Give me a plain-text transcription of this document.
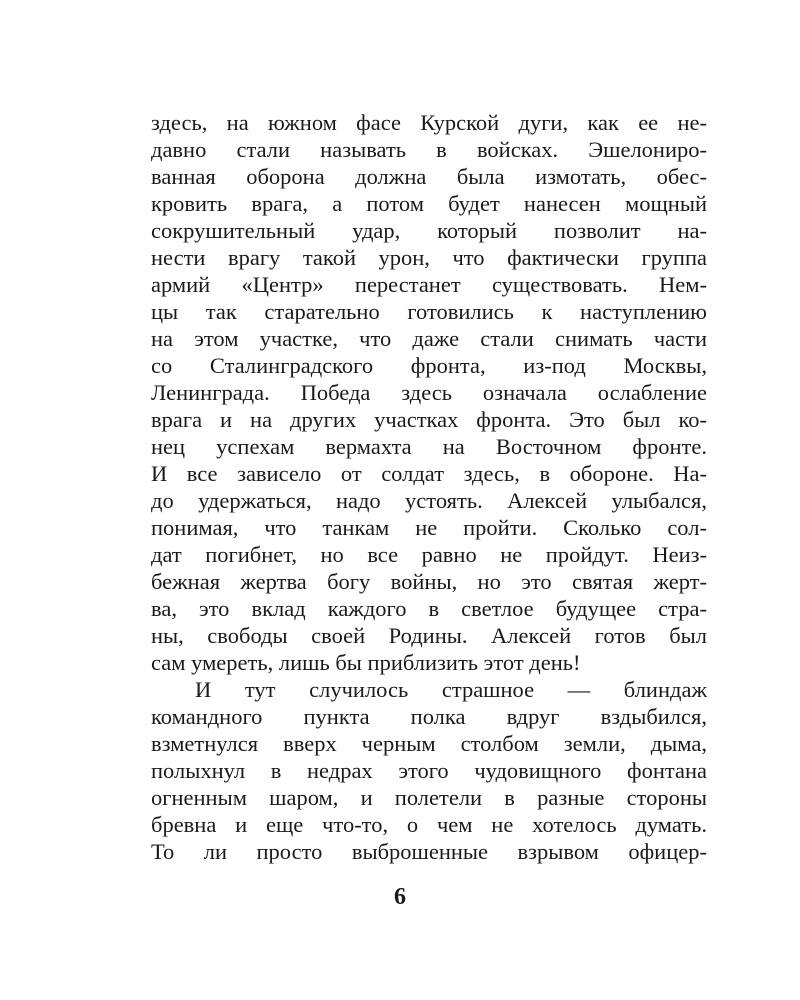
здесь, на южном фасе Курской дуги, как ее не-
давно стали называть в войсках. Эшелониро-
ванная оборона должна была измотать, обес-
кровить врага, а потом будет нанесен мощный
сокрушительный удар, который позволит на-
нести врагу такой урон, что фактически группа
армий «Центр» перестанет существовать. Нем-
цы так старательно готовились к наступлению
на этом участке, что даже стали снимать части
со Сталинградского фронта, из-под Москвы,
Ленинграда. Победа здесь означала ослабление
врага и на других участках фронта. Это был ко-
нец успехам вермахта на Восточном фронте.
И все зависело от солдат здесь, в обороне. На-
до удержаться, надо устоять. Алексей улыбался,
понимая, что танкам не пройти. Сколько сол-
дат погибнет, но все равно не пройдут. Неиз-
бежная жертва богу войны, но это святая жерт-
ва, это вклад каждого в светлое будущее стра-
ны, свободы своей Родины. Алексей готов был
сам умереть, лишь бы приблизить этот день!
И тут случилось страшное — блиндаж
командного пункта полка вдруг вздыбился,
взметнулся вверх черным столбом земли, дыма,
полыхнул в недрах этого чудовищного фонтана
огненным шаром, и полетели в разные стороны
бревна и еще что-то, о чем не хотелось думать.
То ли просто выброшенные взрывом офицер-
6
